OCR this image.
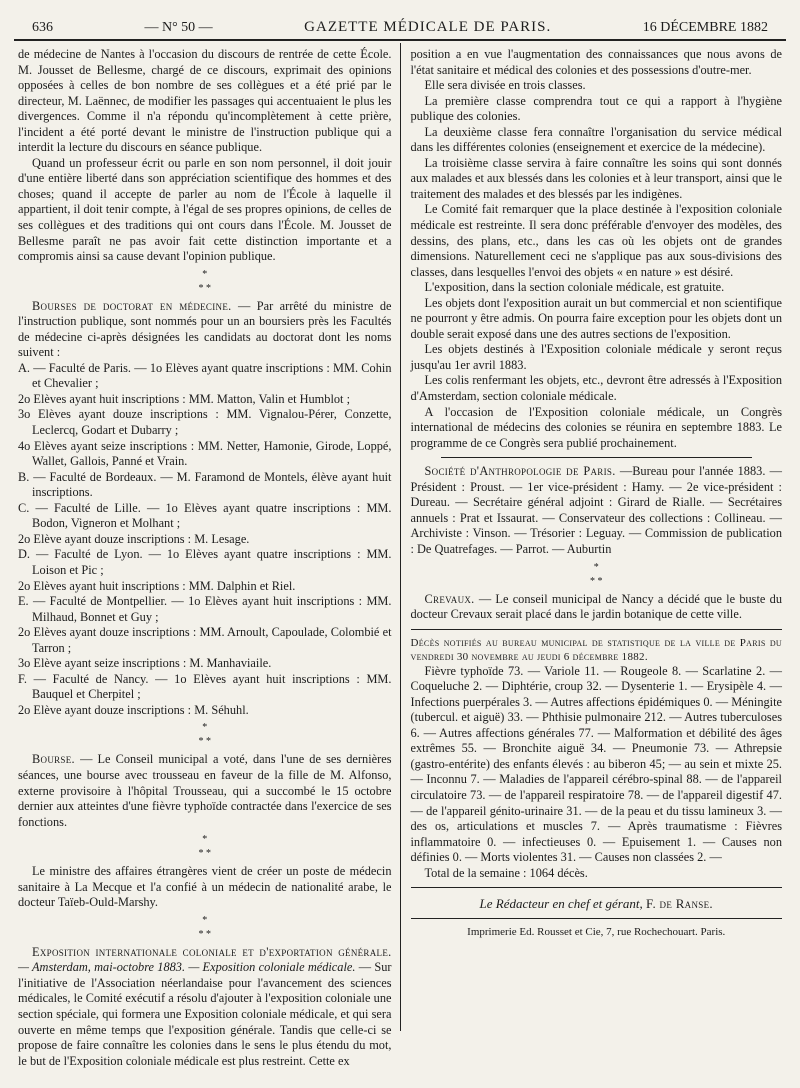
636	— N° 50 —	GAZETTE MÉDICALE DE PARIS.	16 DÉCEMBRE 1882

de médecine de Nantes à l'occasion du discours de rentrée de cette École. M. Jousset de Bellesme, chargé de ce discours, exprimait des opinions opposées à celles de bon nombre de ses collègues et a été prié par le directeur, M. Laënnec, de modifier les passages qui accentuaient le plus les divergences. Comme il n'a répondu qu'incomplètement à cette prière, l'incident a été porté devant le ministre de l'instruction publique qui a interdit la lecture du discours en séance publique.

Quand un professeur écrit ou parle en son nom personnel, il doit jouir d'une entière liberté dans son appréciation scientifique des hommes et des choses; quand il accepte de parler au nom de l'École à laquelle il appartient, il doit tenir compte, à l'égal de ses propres opinions, de celles de ses collègues et des traditions qui ont cours dans l'École. M. Jousset de Bellesme paraît ne pas avoir fait cette distinction importante et a compromis ainsi sa cause devant l'opinion publique.

*
* *

Bourses de doctorat en médecine. — Par arrêté du ministre de l'instruction publique, sont nommés pour un an boursiers près les Facultés de médecine ci-après désignées les candidats au doctorat dont les noms suivent :

A. — Faculté de Paris. — 1o Elèves ayant quatre inscriptions : MM. Cohin et Chevalier ;

2o Elèves ayant huit inscriptions : MM. Matton, Valin et Humblot ;

3o Elèves ayant douze inscriptions : MM. Vignalou-Pérer, Conzette, Leclercq, Godart et Dubarry ;

4o Elèves ayant seize inscriptions : MM. Netter, Hamonie, Girode, Loppé, Wallet, Gallois, Panné et Vrain.

B. — Faculté de Bordeaux. — M. Faramond de Montels, élève ayant huit inscriptions.

C. — Faculté de Lille. — 1o Elèves ayant quatre inscriptions : MM. Bodon, Vigneron et Molhant ;

2o Elève ayant douze inscriptions : M. Lesage.

D. — Faculté de Lyon. — 1o Elèves ayant quatre inscriptions : MM. Loison et Pic ;

2o Elèves ayant huit inscriptions : MM. Dalphin et Riel.

E. — Faculté de Montpellier. — 1o Elèves ayant huit inscriptions : MM. Milhaud, Bonnet et Guy ;

2o Elèves ayant douze inscriptions : MM. Arnoult, Capoulade, Colombié et Tarron ;

3o Elève ayant seize inscriptions : M. Manhaviaile.

F. — Faculté de Nancy. — 1o Elèves ayant huit inscriptions : MM. Bauquel et Cherpitel ;

2o Elève ayant douze inscriptions : M. Séhuhl.

*
* *

Bourse. — Le Conseil municipal a voté, dans l'une de ses dernières séances, une bourse avec trousseau en faveur de la fille de M. Alfonso, externe provisoire à l'hôpital Trousseau, qui a succombé le 15 octobre dernier aux atteintes d'une fièvre typhoïde contractée dans l'exercice de ses fonctions.

*
* *

Le ministre des affaires étrangères vient de créer un poste de médecin sanitaire à La Mecque et l'a confié à un médecin de nationalité arabe, le docteur Taïeb-Ould-Marshy.

*
* *

Exposition internationale coloniale et d'exportation générale. — Amsterdam, mai-octobre 1883. — Exposition coloniale médicale. — Sur l'initiative de l'Association néerlandaise pour l'avancement des sciences médicales, le Comité exécutif a résolu d'ajouter à l'exposition coloniale une section spéciale, qui formera une Exposition coloniale médicale, et qui sera ouverte en même temps que l'exposition générale. Tandis que celle-ci se propose de faire connaître les colonies dans le sens le plus étendu du mot, le but de l'Exposition coloniale médicale est plus restreint. Cette ex

position a en vue l'augmentation des connaissances que nous avons de l'état sanitaire et médical des colonies et des possessions d'outre-mer.

Elle sera divisée en trois classes.

La première classe comprendra tout ce qui a rapport à l'hygiène publique des colonies.

La deuxième classe fera connaître l'organisation du service médical dans les différentes colonies (enseignement et exercice de la médecine).

La troisième classe servira à faire connaître les soins qui sont donnés aux malades et aux blessés dans les colonies et à leur transport, ainsi que le traitement des malades et des blessés par les indigènes.

Le Comité fait remarquer que la place destinée à l'exposition coloniale médicale est restreinte. Il sera donc préférable d'envoyer des modèles, des dessins, des plans, etc., dans les cas où les objets ont de grandes dimensions. Naturellement ceci ne s'applique pas aux sous-divisions des classes, dans lesquelles l'envoi des objets « en nature » est désiré.

L'exposition, dans la section coloniale médicale, est gratuite.

Les objets dont l'exposition aurait un but commercial et non scientifique ne pourront y être admis. On pourra faire exception pour les objets dont un double serait exposé dans une des autres sections de l'exposition.

Les objets destinés à l'Exposition coloniale médicale y seront reçus jusqu'au 1er avril 1883.

Les colis renfermant les objets, etc., devront être adressés à l'Exposition d'Amsterdam, section coloniale médicale.

A l'occasion de l'Exposition coloniale médicale, un Congrès international de médecins des colonies se réunira en septembre 1883. Le programme de ce Congrès sera publié prochainement.

Société d'Anthropologie de Paris. —Bureau pour l'année 1883. — Président : Proust. — 1er vice-président : Hamy. — 2e vice-président : Dureau. — Secrétaire général adjoint : Girard de Rialle. — Secrétaires annuels : Prat et Issaurat. — Conservateur des collections : Collineau. — Archiviste : Vinson. — Trésorier : Leguay. — Commission de publication : De Quatrefages. — Parrot. — Auburtin

*
* *

Crevaux. — Le conseil municipal de Nancy a décidé que le buste du docteur Crevaux serait placé dans le jardin botanique de cette ville.

Décès notifiés au bureau municipal de statistique de la ville de Paris du vendredi 30 novembre au jeudi 6 décembre 1882.

Fièvre typhoïde 73. — Variole 11. — Rougeole 8. — Scarlatine 2. — Coqueluche 2. — Diphtérie, croup 32. — Dysenterie 1. — Erysipèle 4. — Infections puerpérales 3. — Autres affections épidémiques 0. — Méningite (tubercul. et aiguë) 33. — Phthisie pulmonaire 212. — Autres tuberculoses 6. — Autres affections générales 77. — Malformation et débilité des âges extrêmes 55. — Bronchite aiguë 34. — Pneumonie 73. — Athrepsie (gastro-entérite) des enfants élevés : au biberon 45; — au sein et mixte 25. — Inconnu 7. — Maladies de l'appareil cérébro-spinal 88. — de l'appareil circulatoire 73. — de l'appareil respiratoire 78. — de l'appareil digestif 47. — de l'appareil génito-urinaire 31. — de la peau et du tissu lamineux 3. — des os, articulations et muscles 7. — Après traumatisme : Fièvres inflammatoire 0. — infectieuses 0. — Epuisement 1. — Causes non définies 0. — Morts violentes 31. — Causes non classées 2. —

Total de la semaine : 1064 décès.

Le Rédacteur en chef et gérant, F. de Ranse.

Imprimerie Ed. Rousset et Cie, 7, rue Rochechouart. Paris.
